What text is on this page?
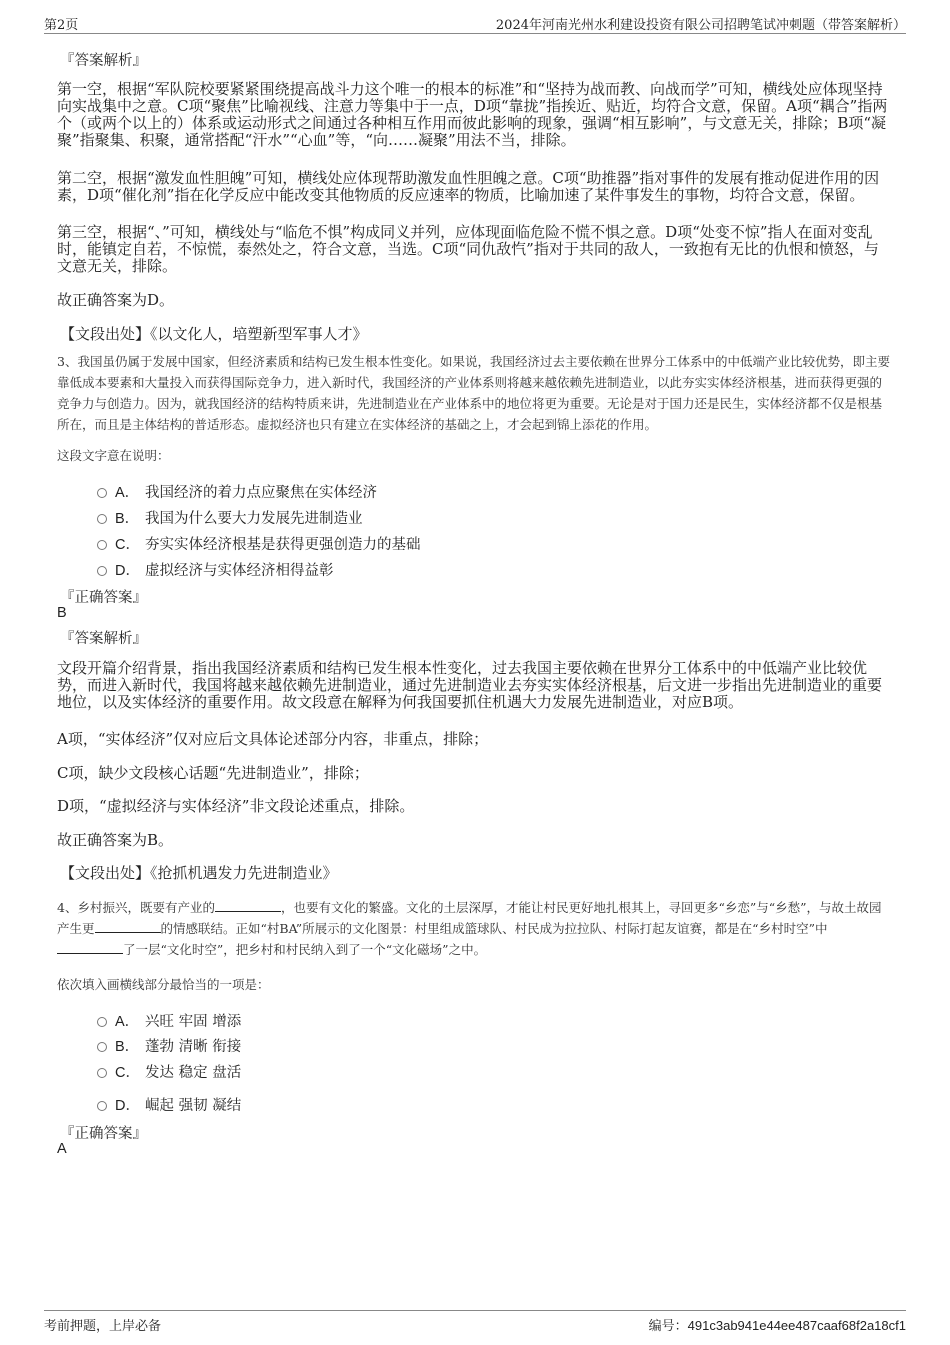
第2页	2024年河南光州水利建设投资有限公司招聘笔试冲刺题（带答案解析）
『答案解析』
第一空，根据“军队院校要紧紧围绕提高战斗力这个唯一的根本的标准”和“坚持为战而教、向战而学”可知，横线处应体现坚持向实战集中之意。C项“聚焦”比喻视线、注意力等集中于一点，D项“靠拢”指挨近、贴近，均符合文意，保留。A项“耦合”指两个（或两个以上的）体系或运动形式之间通过各种相互作用而彼此影响的现象，强调“相互影响”，与文意无关，排除；B项“凝聚”指聚集、积聚，通常搭配“汗水”“心血”等，“向……凝聚”用法不当，排除。
第二空，根据“激发血性胆魄”可知，横线处应体现帮助激发血性胆魄之意。C项“助推器”指对事件的发展有推动促进作用的因素，D项“催化剂”指在化学反应中能改变其他物质的反应速率的物质，比喻加速了某件事发生的事物，均符合文意，保留。
第三空，根据“、”可知，横线处与“临危不惧”构成同义并列，应体现面临危险不慌不惧之意。D项“处变不惊”指人在面对变乱时，能镇定自若，不惊慌，泰然处之，符合文意，当选。C项“同仇敌忾”指对于共同的敌人，一致抱有无比的仇恨和愤怒，与文意无关，排除。
故正确答案为D。
【文段出处】《以文化人，培塑新型军事人才》
3、我国虽仍属于发展中国家，但经济素质和结构已发生根本性变化。如果说，我国经济过去主要依赖在世界分工体系中的中低端产业比较优势，即主要靠低成本要素和大量投入而获得国际竞争力，进入新时代，我国经济的产业体系则将越来越依赖先进制造业，以此夯实实体经济根基，进而获得更强的竞争力与创造力。因为，就我国经济的结构特质来讲，先进制造业在产业体系中的地位将更为重要。无论是对于国力还是民生，实体经济都不仅是根基所在，而且是主体结构的普适形态。虚拟经济也只有建立在实体经济的基础之上，才会起到锦上添花的作用。
这段文字意在说明：
A． 我国经济的着力点应聚焦在实体经济
B． 我国为什么要大力发展先进制造业
C． 夯实实体经济根基是获得更强创造力的基础
D． 虚拟经济与实体经济相得益彰
『正确答案』
B
『答案解析』
文段开篇介绍背景，指出我国经济素质和结构已发生根本性变化，过去我国主要依赖在世界分工体系中的中低端产业比较优势，而进入新时代，我国将越来越依赖先进制造业，通过先进制造业去夯实实体经济根基，后文进一步指出先进制造业的重要地位，以及实体经济的重要作用。故文段意在解释为何我国要抓住机遇大力发展先进制造业，对应B项。
A项，“实体经济”仅对应后文具体论述部分内容，非重点，排除；
C项，缺少文段核心话题“先进制造业”，排除；
D项，“虚拟经济与实体经济”非文段论述重点，排除。
故正确答案为B。
【文段出处】《抢抓机遇发力先进制造业》
4、乡村振兴，既要有产业的	，也要有文化的繁盛。文化的土层深厚，才能让村民更好地扎根其上，寻回更多“乡恋”与“乡愁”，与故土故园产生更	的情感联结。正如“村BA”所展示的文化图景：村里组成篮球队、村民成为拉拉队、村际打起友谊赛，都是在“乡村时空”中了一层“文化时空”，把乡村和村民纳入到了一个“文化磁场”之中。
依次填入画横线部分最恰当的一项是：
A． 兴旺 牢固 增添
B． 蓬勃 清晰 衔接
C． 发达 稳定 盘活
D． 崛起 强韧 凝结
『正确答案』
A
考前押题，上岸必备	编号：491c3ab941e44ee487caaf68f2a18cf1
